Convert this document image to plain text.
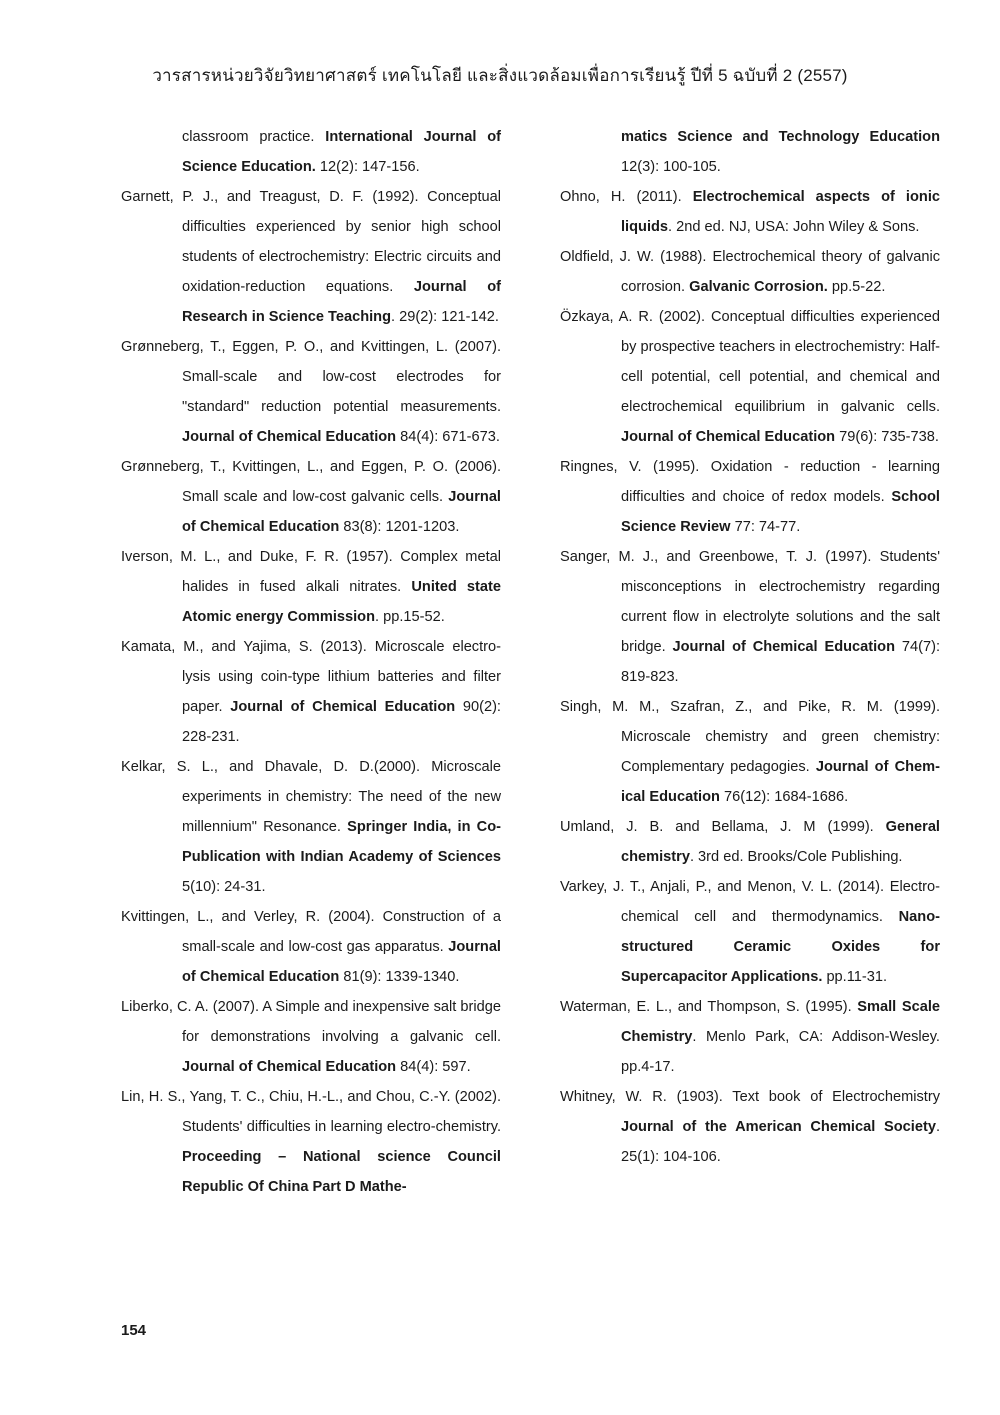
วารสารหน่วยวิจัยวิทยาศาสตร์ เทคโนโลยี และสิ่งแวดล้อมเพื่อการเรียนรู้ ปีที่ 5 ฉบับที่ 2 (2557)

classroom practice. International Journal of Science Education. 12(2): 147-156.

Garnett, P. J., and Treagust, D. F. (1992). Conceptual difficulties experienced by senior high school students of electrochemistry: Electric circuits and oxidation-reduction equations. Journal of Research in Science Teaching. 29(2): 121-142.

Grønneberg, T., Eggen, P. O., and Kvittingen, L. (2007). Small-scale and low-cost electrodes for "standard" reduction potential measurements. Journal of Chemical Education 84(4): 671-673.

Grønneberg, T., Kvittingen, L., and Eggen, P. O. (2006). Small scale and low-cost galvanic cells. Journal of Chemical Education 83(8): 1201-1203.

Iverson, M. L., and Duke, F. R. (1957). Complex metal halides in fused alkali nitrates. United state Atomic energy Commission. pp.15-52.

Kamata, M., and Yajima, S. (2013). Microscale electro-lysis using coin-type lithium batteries and filter paper. Journal of Chemical Education 90(2): 228-231.

Kelkar, S. L., and Dhavale, D. D.(2000). Microscale experiments in chemistry: The need of the new millennium" Resonance. Springer India, in Co-Publication with Indian Academy of Sciences 5(10): 24-31.

Kvittingen, L., and Verley, R. (2004). Construction of a small-scale and low-cost gas apparatus. Journal of Chemical Education 81(9): 1339-1340.

Liberko, C. A. (2007). A Simple and inexpensive salt bridge for demonstrations involving a galvanic cell. Journal of Chemical Education 84(4): 597.

Lin, H. S., Yang, T. C., Chiu, H.-L., and Chou, C.-Y. (2002). Students' difficulties in learning electro-chemistry. Proceeding – National science Council Republic Of China Part D Mathe-

matics Science and Technology Education 12(3): 100-105.

Ohno, H. (2011). Electrochemical aspects of ionic liquids. 2nd ed. NJ, USA: John Wiley & Sons.

Oldfield, J. W. (1988). Electrochemical theory of galvanic corrosion. Galvanic Corrosion. pp.5-22.

Özkaya, A. R. (2002). Conceptual difficulties experienced by prospective teachers in electrochemistry: Half-cell potential, cell potential, and chemical and electrochemical equilibrium in galvanic cells. Journal of Chemical Education 79(6): 735-738.

Ringnes, V. (1995). Oxidation - reduction - learning difficulties and choice of redox models. School Science Review 77: 74-77.

Sanger, M. J., and Greenbowe, T. J. (1997). Students' misconceptions in electrochemistry regarding current flow in electrolyte solutions and the salt bridge. Journal of Chemical Education 74(7): 819-823.

Singh, M. M., Szafran, Z., and Pike, R. M. (1999). Microscale chemistry and green chemistry: Complementary pedagogies. Journal of Chem-ical Education 76(12): 1684-1686.

Umland, J. B. and Bellama, J. M (1999). General chemistry. 3rd ed. Brooks/Cole Publishing.

Varkey, J. T., Anjali, P., and Menon, V. L. (2014). Electro-chemical cell and thermodynamics. Nano-structured Ceramic Oxides for Supercapacitor Applications. pp.11-31.

Waterman, E. L., and Thompson, S. (1995). Small Scale Chemistry. Menlo Park, CA: Addison-Wesley. pp.4-17.

Whitney, W. R. (1903). Text book of Electrochemistry Journal of the American Chemical Society. 25(1): 104-106.

154
